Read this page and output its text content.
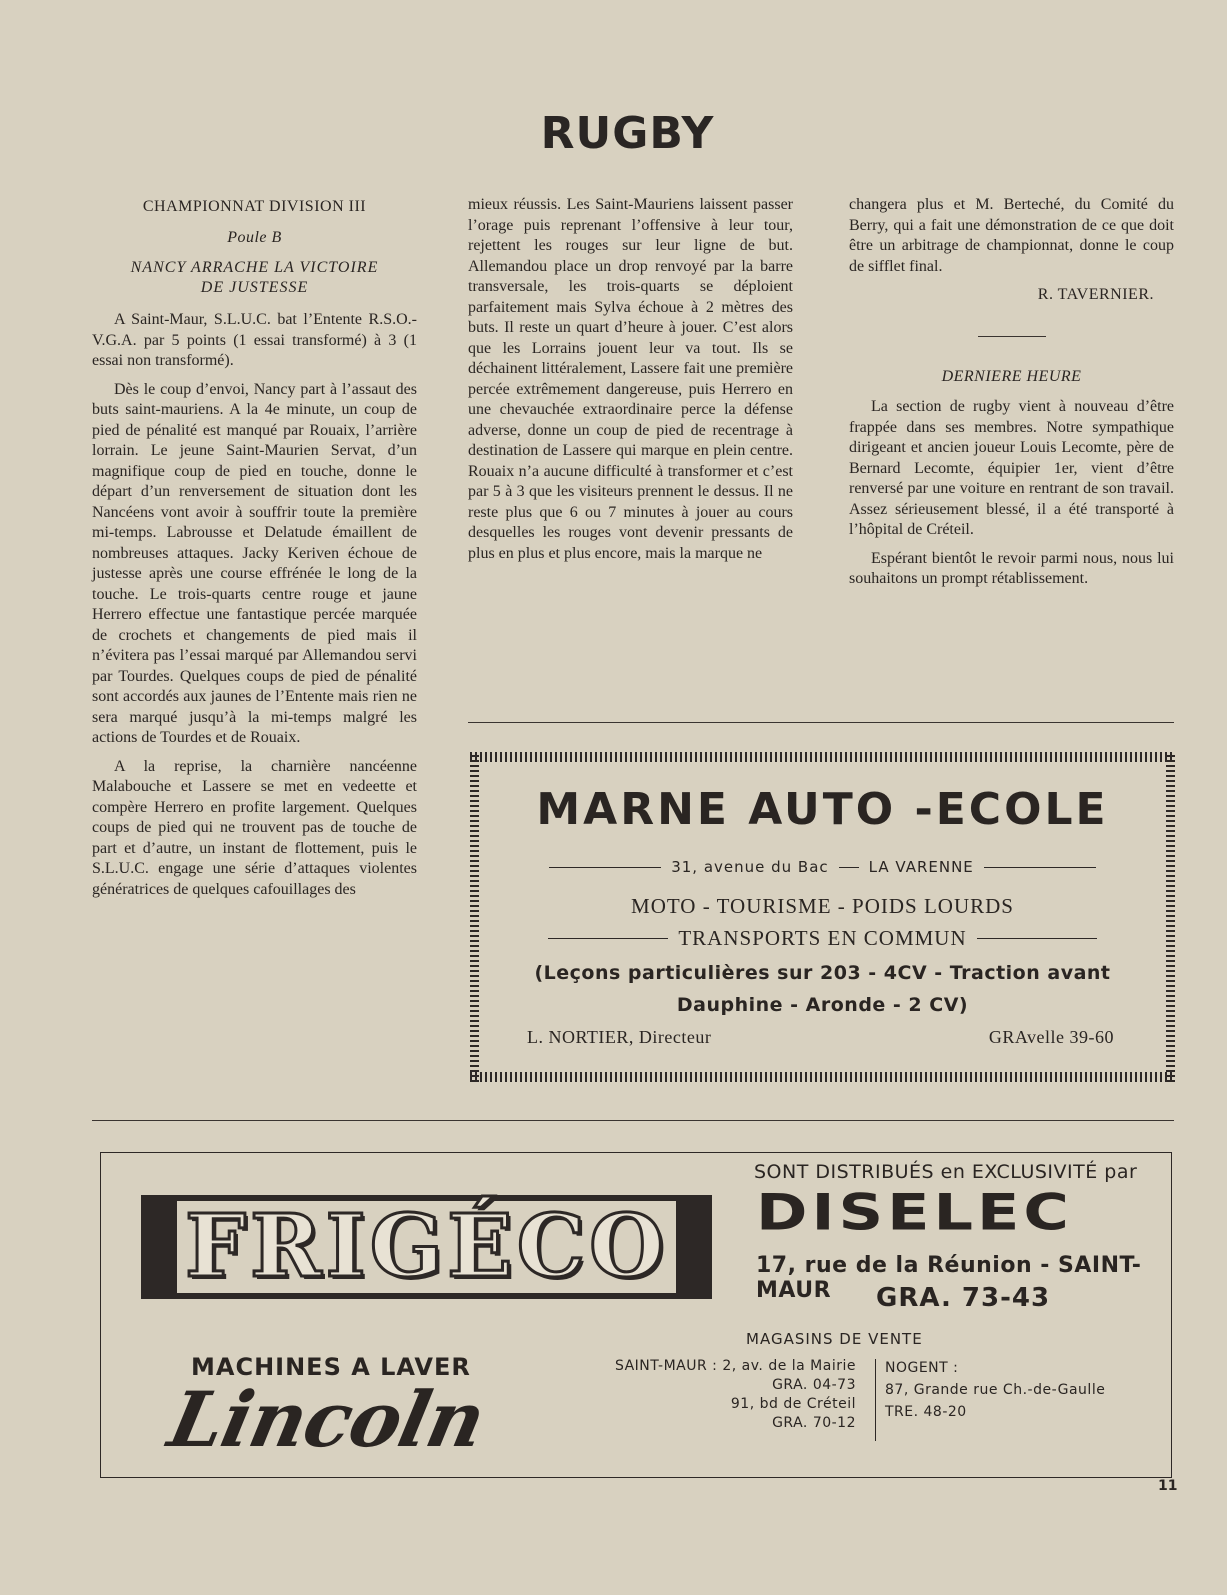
RUGBY
CHAMPIONNAT DIVISION III
Poule B
NANCY ARRACHE LA VICTOIRE
DE JUSTESSE

A Saint-Maur, S.L.U.C. bat l’Entente R.S.O.-V.G.A. par 5 points (1 essai transformé) à 3 (1 essai non transformé).

Dès le coup d’envoi, Nancy part à l’assaut des buts saint-mauriens. A la 4e minute, un coup de pied de pénalité est manqué par Rouaix, l’arrière lorrain. Le jeune Saint-Maurien Servat, d’un magnifique coup de pied en touche, donne le départ d’un renversement de situation dont les Nancéens vont avoir à souffrir toute la première mi-temps. Labrousse et Delatude émaillent de nombreuses attaques. Jacky Keriven échoue de justesse après une course effrénée le long de la touche. Le trois-quarts centre rouge et jaune Herrero effectue une fantastique percée marquée de crochets et changements de pied mais il n’évitera pas l’essai marqué par Allemandou servi par Tourdes. Quelques coups de pied de pénalité sont accordés aux jaunes de l’Entente mais rien ne sera marqué jusqu’à la mi-temps malgré les actions de Tourdes et de Rouaix.

A la reprise, la charnière nancéenne Malabouche et Lassere se met en vedeette et compère Herrero en profite largement. Quelques coups de pied qui ne trouvent pas de touche de part et d’autre, un instant de flottement, puis le S.L.U.C. engage une série d’attaques violentes génératrices de quelques cafouillages des

mieux réussis. Les Saint-Mauriens laissent passer l’orage puis reprenant l’offensive à leur tour, rejettent les rouges sur leur ligne de but. Allemandou place un drop renvoyé par la barre transversale, les trois-quarts se déploient parfaitement mais Sylva échoue à 2 mètres des buts. Il reste un quart d’heure à jouer. C’est alors que les Lorrains jouent leur va tout. Ils se déchainent littéralement, Lassere fait une première percée extrêmement dangereuse, puis Herrero en une chevauchée extraordinaire perce la défense adverse, donne un coup de pied de recentrage à destination de Lassere qui marque en plein centre. Rouaix n’a aucune difficulté à transformer et c’est par 5 à 3 que les visiteurs prennent le dessus. Il ne reste plus que 6 ou 7 minutes à jouer au cours desquelles les rouges vont devenir pressants de plus en plus et plus encore, mais la marque ne

changera plus et M. Berteché, du Comité du Berry, qui a fait une démonstration de ce que doit être un arbitrage de championnat, donne le coup de sifflet final.

R. TAVERNIER.
DERNIERE HEURE

La section de rugby vient à nouveau d’être frappée dans ses membres. Notre sympathique dirigeant et ancien joueur Louis Lecomte, père de Bernard Lecomte, équipier 1er, vient d’être renversé par une voiture en rentrant de son travail. Assez sérieusement blessé, il a été transporté à l’hôpital de Créteil.

Espérant bientôt le revoir parmi nous, nous lui souhaitons un prompt rétablissement.

MARNE AUTO -ECOLE
31, avenue du Bac	LA VARENNE
MOTO - TOURISME - POIDS LOURDS
TRANSPORTS EN COMMUN
(Leçons particulières sur 203 - 4CV - Traction avant
Dauphine - Aronde - 2 CV)
L. NORTIER, Directeur	GRAvelle 39-60
FRIGÉCO
MACHINES A LAVER
Lincoln
SONT DISTRIBUÉS en EXCLUSIVITÉ par
DISELEC
17, rue de la Réunion - SAINT-MAUR	GRA. 73-43
MAGASINS DE VENTE
SAINT-MAUR : 2, av. de la Mairie
GRA. 04-73
91, bd de Créteil
GRA. 70-12
NOGENT :
87, Grande rue Ch.-de-Gaulle
TRE. 48-20
11
